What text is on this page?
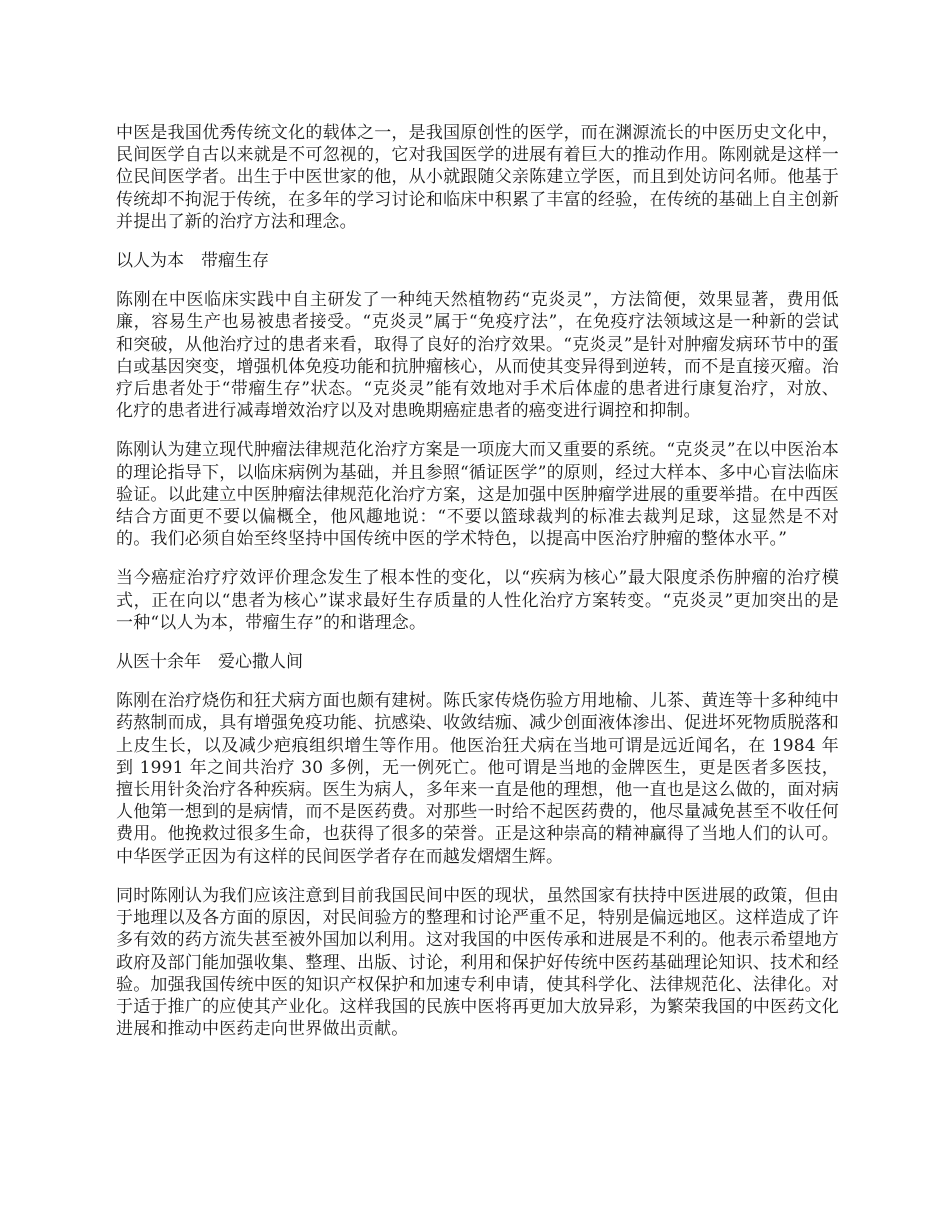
中医是我国优秀传统文化的载体之一，是我国原创性的医学，而在渊源流长的中医历史文化中，民间医学自古以来就是不可忽视的，它对我国医学的进展有着巨大的推动作用。陈刚就是这样一位民间医学者。出生于中医世家的他，从小就跟随父亲陈建立学医，而且到处访问名师。他基于传统却不拘泥于传统，在多年的学习讨论和临床中积累了丰富的经验，在传统的基础上自主创新并提出了新的治疗方法和理念。

以人为本　带瘤生存

陈刚在中医临床实践中自主研发了一种纯天然植物药“克炎灵”，方法简便，效果显著，费用低廉，容易生产也易被患者接受。“克炎灵”属于“免疫疗法”，在免疫疗法领域这是一种新的尝试和突破，从他治疗过的患者来看，取得了良好的治疗效果。“克炎灵”是针对肿瘤发病环节中的蛋白或基因突变，增强机体免疫功能和抗肿瘤核心，从而使其变异得到逆转，而不是直接灭瘤。治疗后患者处于“带瘤生存”状态。“克炎灵”能有效地对手术后体虚的患者进行康复治疗，对放、化疗的患者进行减毒增效治疗以及对患晚期癌症患者的癌变进行调控和抑制。

陈刚认为建立现代肿瘤法律规范化治疗方案是一项庞大而又重要的系统。“克炎灵”在以中医治本的理论指导下，以临床病例为基础，并且参照“循证医学”的原则，经过大样本、多中心盲法临床验证。以此建立中医肿瘤法律规范化治疗方案，这是加强中医肿瘤学进展的重要举措。在中西医结合方面更不要以偏概全，他风趣地说：“不要以篮球裁判的标准去裁判足球，这显然是不对的。我们必须自始至终坚持中国传统中医的学术特色，以提高中医治疗肿瘤的整体水平。”

当今癌症治疗疗效评价理念发生了根本性的变化，以“疾病为核心”最大限度杀伤肿瘤的治疗模式，正在向以“患者为核心”谋求最好生存质量的人性化治疗方案转变。“克炎灵”更加突出的是一种“以人为本，带瘤生存”的和谐理念。

从医十余年　爱心撒人间

陈刚在治疗烧伤和狂犬病方面也颇有建树。陈氏家传烧伤验方用地榆、儿茶、黄连等十多种纯中药熬制而成，具有增强免疫功能、抗感染、收敛结痂、减少创面液体渗出、促进坏死物质脱落和上皮生长，以及减少疤痕组织增生等作用。他医治狂犬病在当地可谓是远近闻名，在 1984 年到 1991 年之间共治疗 30 多例，无一例死亡。他可谓是当地的金牌医生，更是医者多医技，擅长用针灸治疗各种疾病。医生为病人，多年来一直是他的理想，他一直也是这么做的，面对病人他第一想到的是病情，而不是医药费。对那些一时给不起医药费的，他尽量减免甚至不收任何费用。他挽救过很多生命，也获得了很多的荣誉。正是这种崇高的精神赢得了当地人们的认可。中华医学正因为有这样的民间医学者存在而越发熠熠生辉。

同时陈刚认为我们应该注意到目前我国民间中医的现状，虽然国家有扶持中医进展的政策，但由于地理以及各方面的原因，对民间验方的整理和讨论严重不足，特别是偏远地区。这样造成了许多有效的药方流失甚至被外国加以利用。这对我国的中医传承和进展是不利的。他表示希望地方政府及部门能加强收集、整理、出版、讨论，利用和保护好传统中医药基础理论知识、技术和经验。加强我国传统中医的知识产权保护和加速专利申请，使其科学化、法律规范化、法律化。对于适于推广的应使其产业化。这样我国的民族中医将再更加大放异彩，为繁荣我国的中医药文化进展和推动中医药走向世界做出贡献。
